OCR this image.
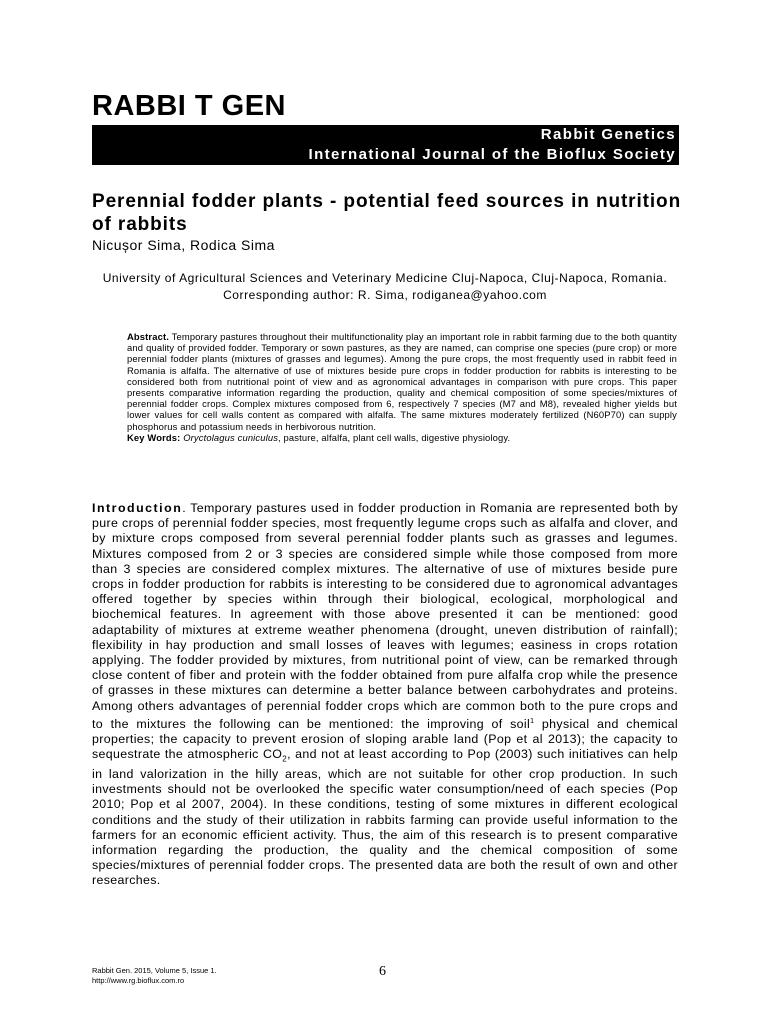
RABBI T GEN
Rabbit Genetics
International Journal of the Bioflux Society
Perennial fodder plants - potential feed sources in nutrition of rabbits
Nicușor Sima, Rodica Sima
University of Agricultural Sciences and Veterinary Medicine Cluj-Napoca, Cluj-Napoca, Romania. Corresponding author: R. Sima, rodiganea@yahoo.com
Abstract. Temporary pastures throughout their multifunctionality play an important role in rabbit farming due to the both quantity and quality of provided fodder. Temporary or sown pastures, as they are named, can comprise one species (pure crop) or more perennial fodder plants (mixtures of grasses and legumes). Among the pure crops, the most frequently used in rabbit feed in Romania is alfalfa. The alternative of use of mixtures beside pure crops in fodder production for rabbits is interesting to be considered both from nutritional point of view and as agronomical advantages in comparison with pure crops. This paper presents comparative information regarding the production, quality and chemical composition of some species/mixtures of perennial fodder crops. Complex mixtures composed from 6, respectively 7 species (M7 and M8), revealed higher yields but lower values for cell walls content as compared with alfalfa. The same mixtures moderately fertilized (N60P70) can supply phosphorus and potassium needs in herbivorous nutrition.
Key Words: Oryctolagus cuniculus, pasture, alfalfa, plant cell walls, digestive physiology.
Introduction. Temporary pastures used in fodder production in Romania are represented both by pure crops of perennial fodder species, most frequently legume crops such as alfalfa and clover, and by mixture crops composed from several perennial fodder plants such as grasses and legumes. Mixtures composed from 2 or 3 species are considered simple while those composed from more than 3 species are considered complex mixtures. The alternative of use of mixtures beside pure crops in fodder production for rabbits is interesting to be considered due to agronomical advantages offered together by species within through their biological, ecological, morphological and biochemical features. In agreement with those above presented it can be mentioned: good adaptability of mixtures at extreme weather phenomena (drought, uneven distribution of rainfall); flexibility in hay production and small losses of leaves with legumes; easiness in crops rotation applying. The fodder provided by mixtures, from nutritional point of view, can be remarked through close content of fiber and protein with the fodder obtained from pure alfalfa crop while the presence of grasses in these mixtures can determine a better balance between carbohydrates and proteins. Among others advantages of perennial fodder crops which are common both to the pure crops and to the mixtures the following can be mentioned: the improving of soil$^1$ physical and chemical properties; the capacity to prevent erosion of sloping arable land (Pop et al 2013); the capacity to sequestrate the atmospheric $CO_2$, and not at least according to Pop (2003) such initiatives can help in land valorization in the hilly areas, which are not suitable for other crop production. In such investments should not be overlooked the specific water consumption/need of each species (Pop 2010; Pop et al 2007, 2004). In these conditions, testing of some mixtures in different ecological conditions and the study of their utilization in rabbits farming can provide useful information to the farmers for an economic efficient activity. Thus, the aim of this research is to present comparative information regarding the production, the quality and the chemical composition of some species/mixtures of perennial fodder crops. The presented data are both the result of own and other researches.
Rabbit Gen. 2015, Volume 5, Issue 1.
http://www.rg.bioflux.com.ro
6
